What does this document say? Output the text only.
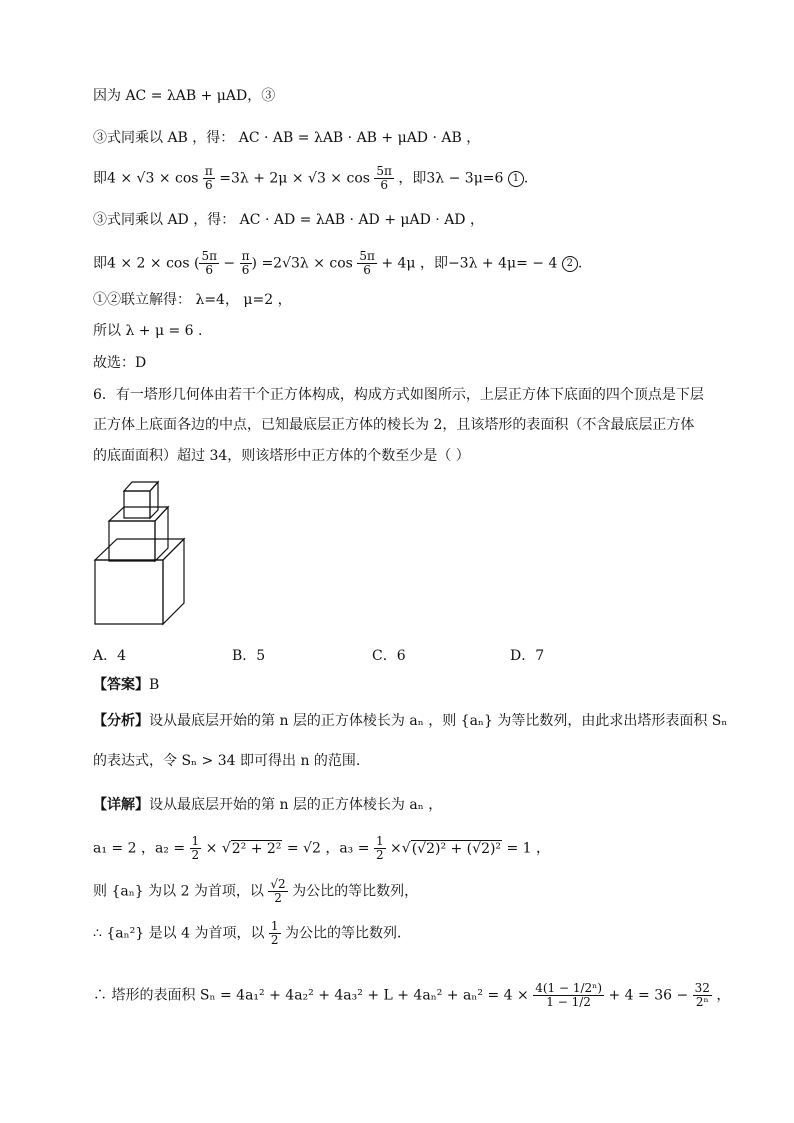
因为 AC = λAB + μAD，③
③式同乘以 AB ，得： AC · AB = λAB · AB + μAD · AB ，
即$4 \times √3 \times \cos \frac{\pi}{6} =3\lambda + 2\mu \times √3 \times \cos \frac{5\pi}{6}$ ，即3λ − 3μ=6 1 .
③式同乘以 AD ，得： AC · AD = λAB · AD + μAD · AD ，
即4 × 2 × cos ( $\frac{5\pi}{6} - \frac{\pi}{6}$ ) $=2√3\lambda \times \cos \frac{5\pi}{6} + 4\mu$ ，即−3λ + 4μ= − 4 2 .
①②联立解得： λ=4， μ=2 ，
所以 λ + μ = 6 .
故选：D
6．有一塔形几何体由若干个正方体构成，构成方式如图所示，上层正方体下底面的四个顶点是下层
正方体上底面各边的中点，已知最底层正方体的棱长为 2，且该塔形的表面积（不含最底层正方体
的底面面积）超过 34，则该塔形中正方体的个数至少是（ ）
A．4	B．5	C．6	D．7
【答案】B
【分析】设从最底层开始的第 n 层的正方体棱长为 aₙ ，则 {aₙ} 为等比数列，由此求出塔形表面积 Sₙ
的表达式，令 Sₙ > 34 即可得出 n 的范围.
【详解】设从最底层开始的第 n 层的正方体棱长为 aₙ ，
a₁ = 2 ，$a_2 = \frac{1}{2} \times √2^2 + 2^2 = √2$ ，$a_3 = \frac{1}{2} \times√(√2)^2 + (√2)^2 = 1$ ，
则 {aₙ} 为以 2 为首项，以 $\frac{√2}{2}$ 为公比的等比数列，
∴ {aₙ²} 是以 4 为首项，以 $\frac{1}{2}$ 为公比的等比数列．
∴ 塔形的表面积 $S_n = 4a_1^2 + 4a_2^2 + 4a_3^2 + L + 4a_n^2 + a_n^2 = 4 \times \frac{\text{4(1 − 1/2ⁿ)}}{1 - 1/2} + 4 = 36 - \frac{32}{\text{2ⁿ}}$ ，
